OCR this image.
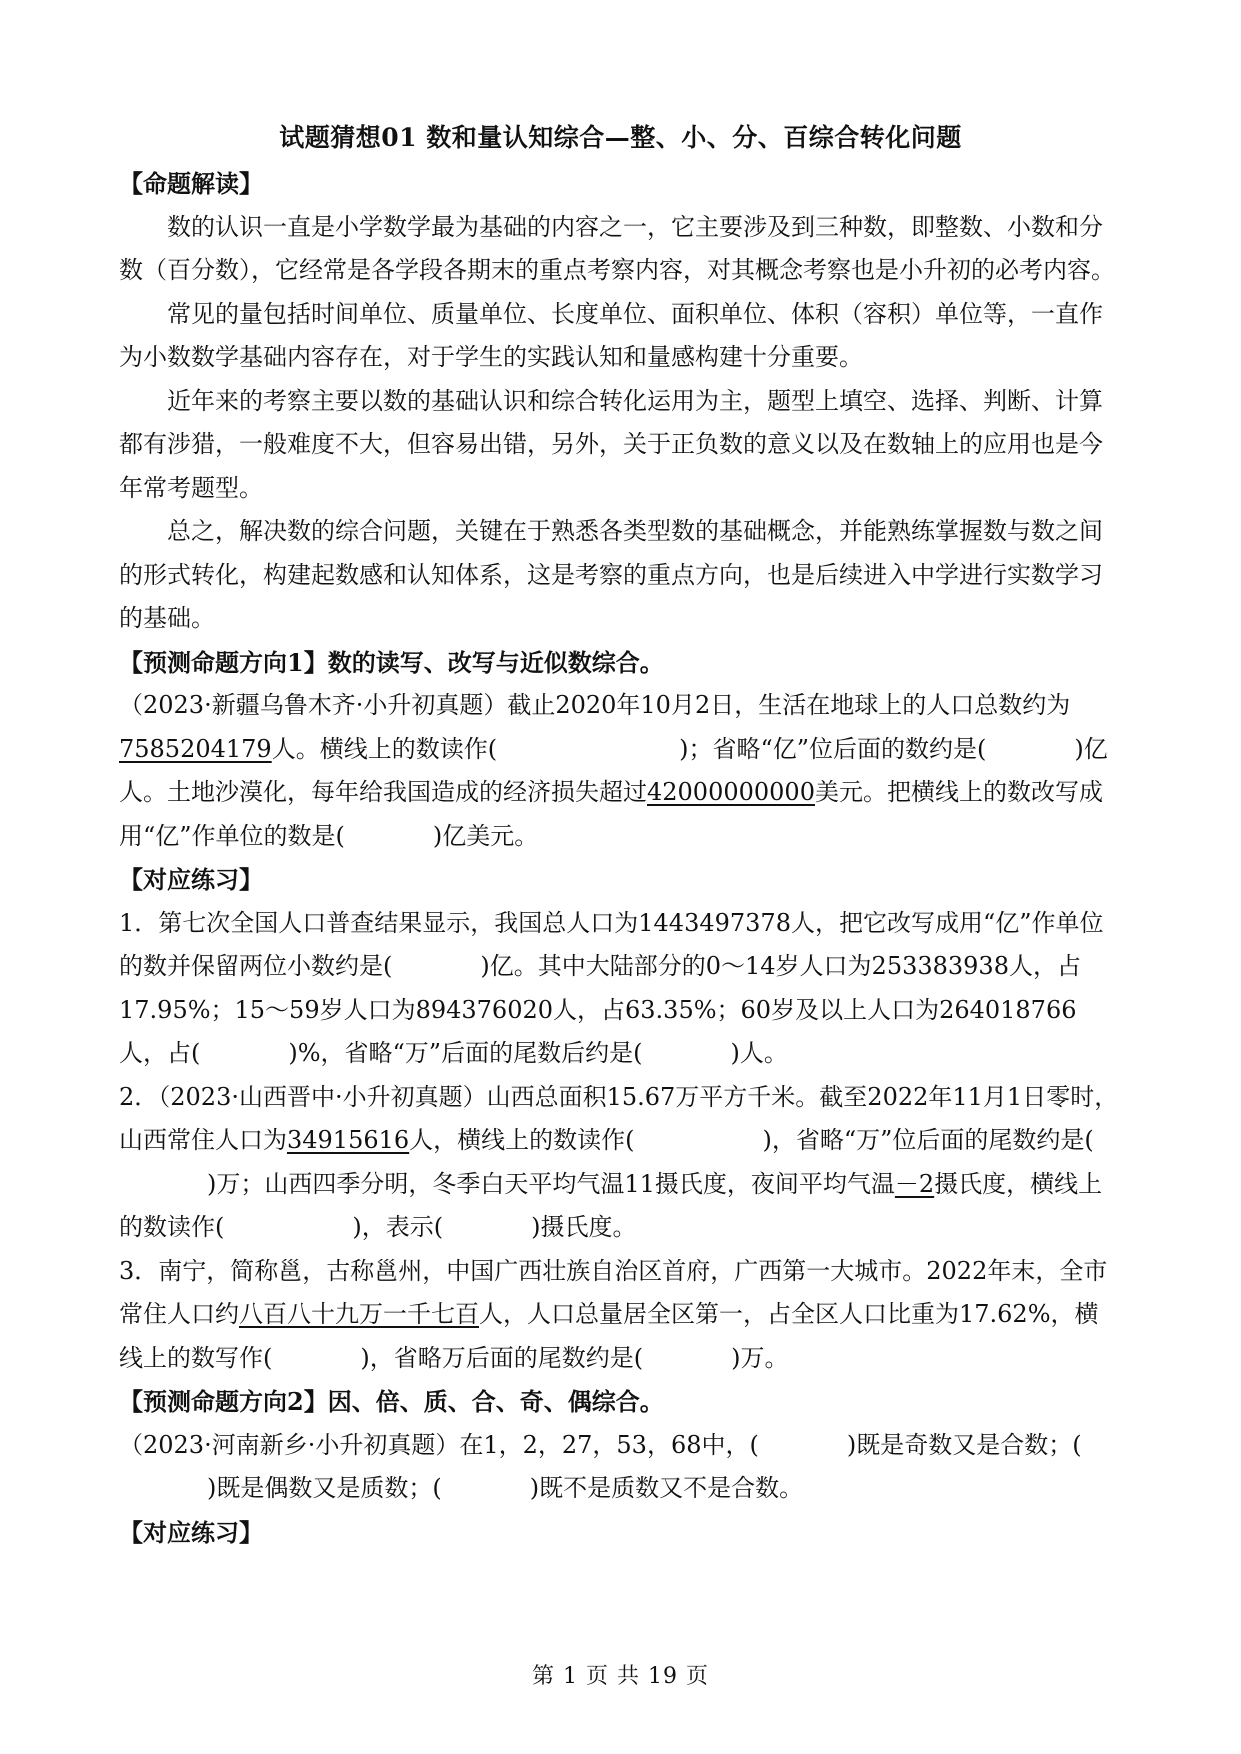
试题猜想01 数和量认知综合—整、小、分、百综合转化问题

【命题解读】

数的认识一直是小学数学最为基础的内容之一，它主要涉及到三种数，即整数、小数和分数（百分数），它经常是各学段各期末的重点考察内容，对其概念考察也是小升初的必考内容。

常见的量包括时间单位、质量单位、长度单位、面积单位、体积（容积）单位等，一直作为小数数学基础内容存在，对于学生的实践认知和量感构建十分重要。

近年来的考察主要以数的基础认识和综合转化运用为主，题型上填空、选择、判断、计算都有涉猎，一般难度不大，但容易出错，另外，关于正负数的意义以及在数轴上的应用也是今年常考题型。

总之，解决数的综合问题，关键在于熟悉各类型数的基础概念，并能熟练掌握数与数之间的形式转化，构建起数感和认知体系，这是考察的重点方向，也是后续进入中学进行实数学习的基础。

【预测命题方向1】数的读写、改写与近似数综合。

（2023·新疆乌鲁木齐·小升初真题）截止2020年10月2日，生活在地球上的人口总数约为7585204179人。横线上的数读作(	)；省略“亿”位后面的数约是(	)亿人。土地沙漠化，每年给我国造成的经济损失超过42000000000美元。把横线上的数改写成用“亿”作单位的数是(	)亿美元。

【对应练习】

1．第七次全国人口普查结果显示，我国总人口为1443497378人，把它改写成用“亿”作单位的数并保留两位小数约是(	)亿。其中大陆部分的0～14岁人口为253383938人，占17.95%；15～59岁人口为894376020人，占63.35%；60岁及以上人口为264018766人，占(	)%，省略“万”后面的尾数后约是(	)人。

2．（2023·山西晋中·小升初真题）山西总面积15.67万平方千米。截至2022年11月1日零时，山西常住人口为34915616人，横线上的数读作(	)，省略“万”位后面的尾数约是()万；山西四季分明，冬季白天平均气温11摄氏度，夜间平均气温－2摄氏度，横线上的数读作(	)，表示(	)摄氏度。

3．南宁，简称邕，古称邕州，中国广西壮族自治区首府，广西第一大城市。2022年末，全市常住人口约八百八十九万一千七百人，人口总量居全区第一，占全区人口比重为17.62%，横线上的数写作(	)，省略万后面的尾数约是(	)万。

【预测命题方向2】因、倍、质、合、奇、偶综合。

（2023·河南新乡·小升初真题）在1，2，27，53，68中，(	)既是奇数又是合数；()既是偶数又是质数；(	)既不是质数又不是合数。

【对应练习】

第 1 页 共 19 页
